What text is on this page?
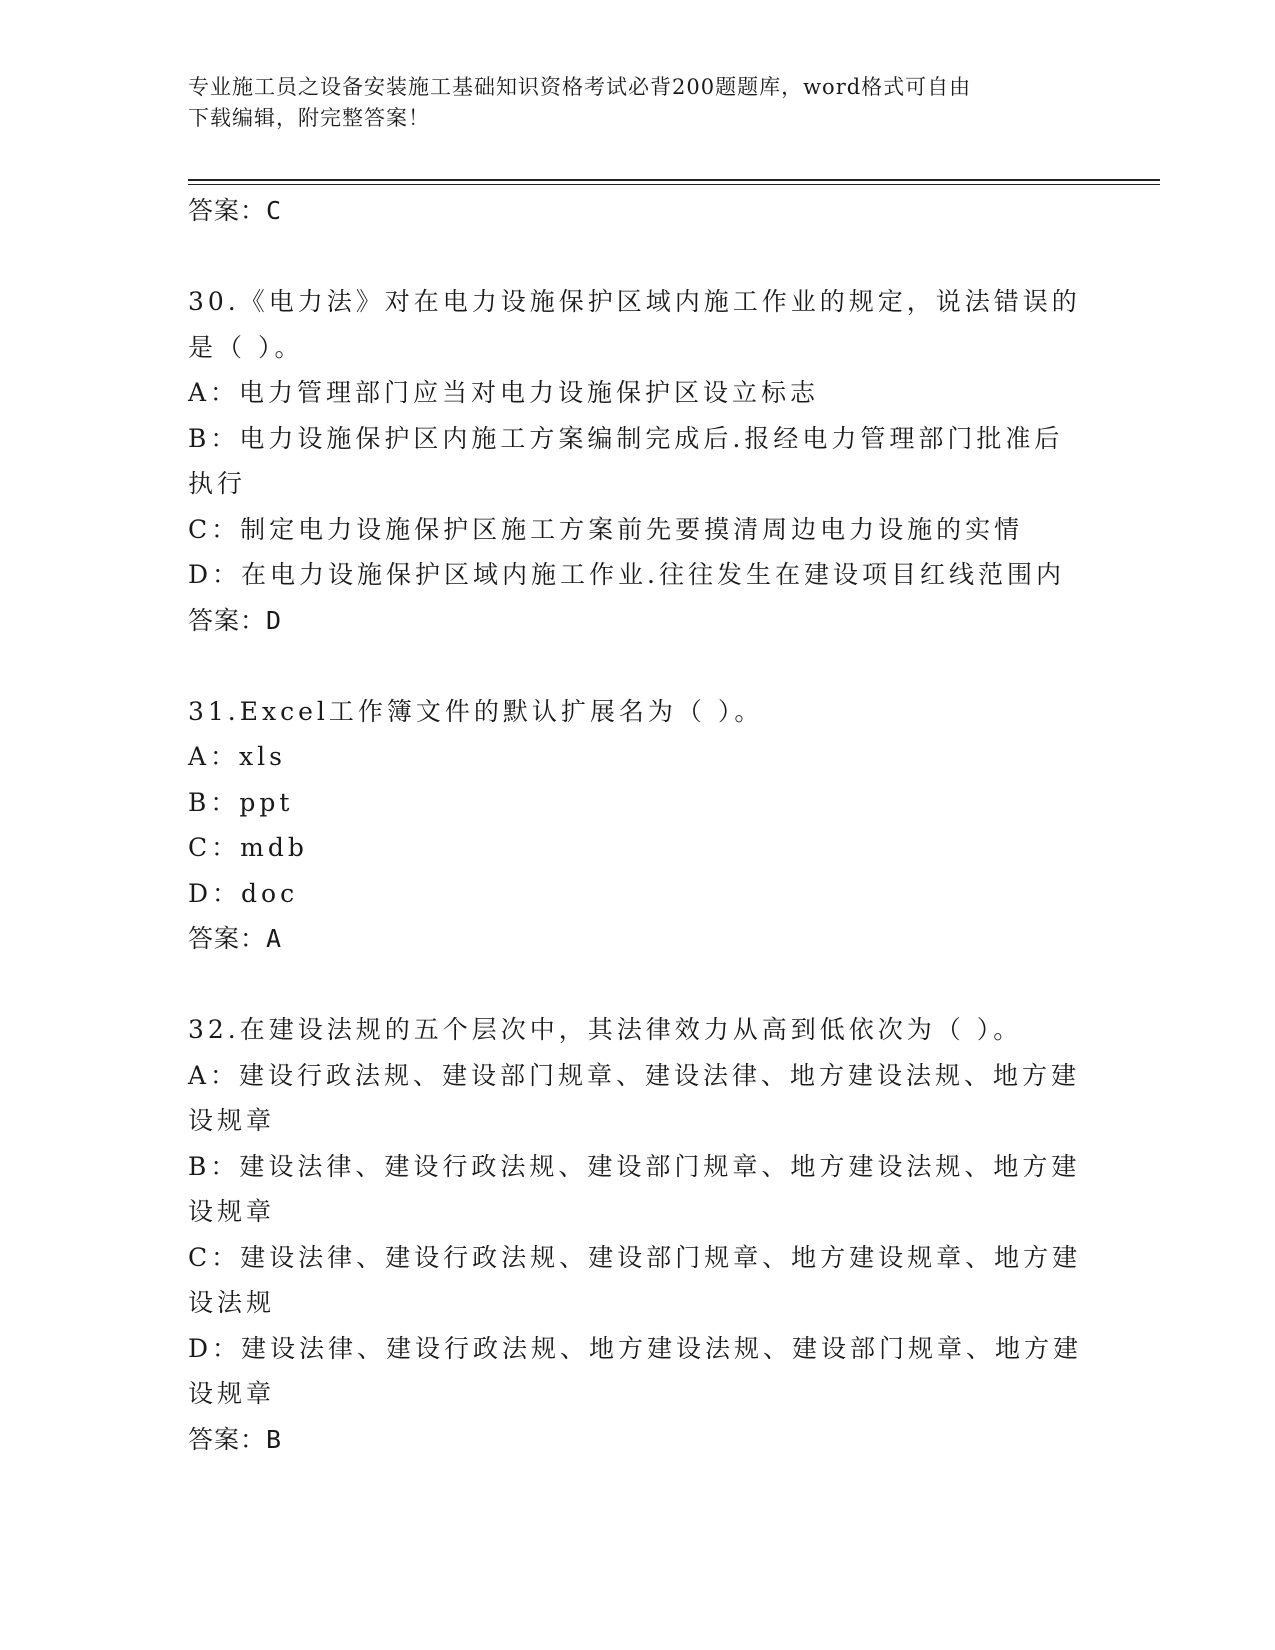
专业施工员之设备安装施工基础知识资格考试必背200题题库，word格式可自由
下载编辑，附完整答案！
答案：C
30.《电力法》对在电力设施保护区域内施工作业的规定，说法错误的
是（ ）。
A：电力管理部门应当对电力设施保护区设立标志
B：电力设施保护区内施工方案编制完成后.报经电力管理部门批准后
执行
C：制定电力设施保护区施工方案前先要摸清周边电力设施的实情
D：在电力设施保护区域内施工作业.往往发生在建设项目红线范围内
答案：D
31.Excel工作簿文件的默认扩展名为（ ）。
A：xls
B：ppt
C：mdb
D：doc
答案：A
32.在建设法规的五个层次中，其法律效力从高到低依次为（ ）。
A：建设行政法规、建设部门规章、建设法律、地方建设法规、地方建
设规章
B：建设法律、建设行政法规、建设部门规章、地方建设法规、地方建
设规章
C：建设法律、建设行政法规、建设部门规章、地方建设规章、地方建
设法规
D：建设法律、建设行政法规、地方建设法规、建设部门规章、地方建
设规章
答案：B
